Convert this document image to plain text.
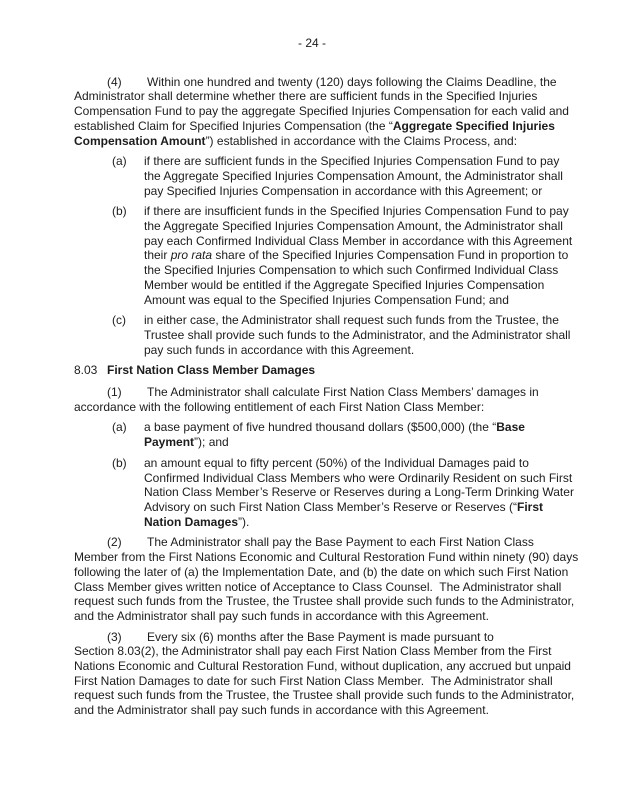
- 24 -
(4) Within one hundred and twenty (120) days following the Claims Deadline, the
Administrator shall determine whether there are sufficient funds in the Specified Injuries
Compensation Fund to pay the aggregate Specified Injuries Compensation for each valid and
established Claim for Specified Injuries Compensation (the “Aggregate Specified Injuries
Compensation Amount”) established in accordance with the Claims Process, and:
(a) if there are sufficient funds in the Specified Injuries Compensation Fund to pay
the Aggregate Specified Injuries Compensation Amount, the Administrator shall
pay Specified Injuries Compensation in accordance with this Agreement; or
(b) if there are insufficient funds in the Specified Injuries Compensation Fund to pay
the Aggregate Specified Injuries Compensation Amount, the Administrator shall
pay each Confirmed Individual Class Member in accordance with this Agreement
their pro rata share of the Specified Injuries Compensation Fund in proportion to
the Specified Injuries Compensation to which such Confirmed Individual Class
Member would be entitled if the Aggregate Specified Injuries Compensation
Amount was equal to the Specified Injuries Compensation Fund; and
(c) in either case, the Administrator shall request such funds from the Trustee, the
Trustee shall provide such funds to the Administrator, and the Administrator shall
pay such funds in accordance with this Agreement.
8.03 First Nation Class Member Damages
(1) The Administrator shall calculate First Nation Class Members’ damages in
accordance with the following entitlement of each First Nation Class Member:
(a) a base payment of five hundred thousand dollars ($500,000) (the “Base
Payment”); and
(b) an amount equal to fifty percent (50%) of the Individual Damages paid to
Confirmed Individual Class Members who were Ordinarily Resident on such First
Nation Class Member’s Reserve or Reserves during a Long-Term Drinking Water
Advisory on such First Nation Class Member’s Reserve or Reserves (“First
Nation Damages”).
(2) The Administrator shall pay the Base Payment to each First Nation Class
Member from the First Nations Economic and Cultural Restoration Fund within ninety (90) days
following the later of (a) the Implementation Date, and (b) the date on which such First Nation
Class Member gives written notice of Acceptance to Class Counsel.  The Administrator shall
request such funds from the Trustee, the Trustee shall provide such funds to the Administrator,
and the Administrator shall pay such funds in accordance with this Agreement.
(3) Every six (6) months after the Base Payment is made pursuant to
Section 8.03(2), the Administrator shall pay each First Nation Class Member from the First
Nations Economic and Cultural Restoration Fund, without duplication, any accrued but unpaid
First Nation Damages to date for such First Nation Class Member.  The Administrator shall
request such funds from the Trustee, the Trustee shall provide such funds to the Administrator,
and the Administrator shall pay such funds in accordance with this Agreement.
